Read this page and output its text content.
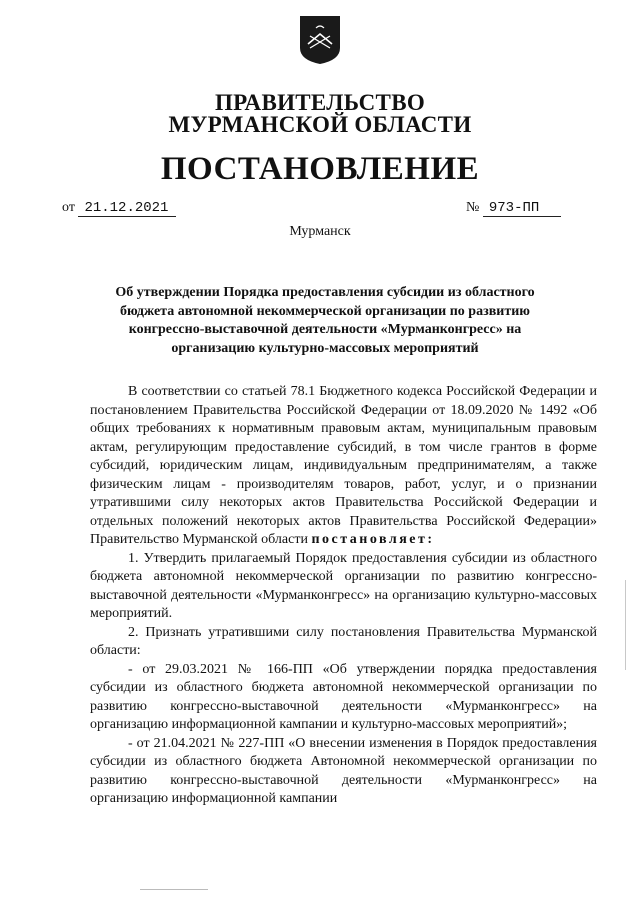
ПРАВИТЕЛЬСТВО
МУРМАНСКОЙ ОБЛАСТИ
ПОСТАНОВЛЕНИЕ
от 21.12.2021	№ 973-ПП
Мурманск
Об утверждении Порядка предоставления субсидии из областного бюджета автономной некоммерческой организации по развитию конгрессно-выставочной деятельности «Мурманконгресс» на организацию культурно-массовых мероприятий

В соответствии со статьей 78.1 Бюджетного кодекса Российской Федерации и постановлением Правительства Российской Федерации от 18.09.2020 № 1492 «Об общих требованиях к нормативным правовым актам, муниципальным правовым актам, регулирующим предоставление субсидий, в том числе грантов в форме субсидий, юридическим лицам, индивидуальным предпринимателям, а также физическим лицам - производителям товаров, работ, услуг, и о признании утратившими силу некоторых актов Правительства Российской Федерации и отдельных положений некоторых актов Правительства Российской Федерации» Правительство Мурманской области постановляет:

1. Утвердить прилагаемый Порядок предоставления субсидии из областного бюджета автономной некоммерческой организации по развитию конгрессно-выставочной деятельности «Мурманконгресс» на организацию культурно-массовых мероприятий.

2. Признать утратившими силу постановления Правительства Мурманской области:

- от 29.03.2021 № 166-ПП «Об утверждении порядка предоставления субсидии из областного бюджета автономной некоммерческой организации по развитию конгрессно-выставочной деятельности «Мурманконгресс» на организацию информационной кампании и культурно-массовых мероприятий»;

- от 21.04.2021 № 227-ПП «О внесении изменения в Порядок предоставления субсидии из областного бюджета Автономной некоммерческой организации по развитию конгрессно-выставочной деятельности «Мурманконгресс» на организацию информационной кампании
